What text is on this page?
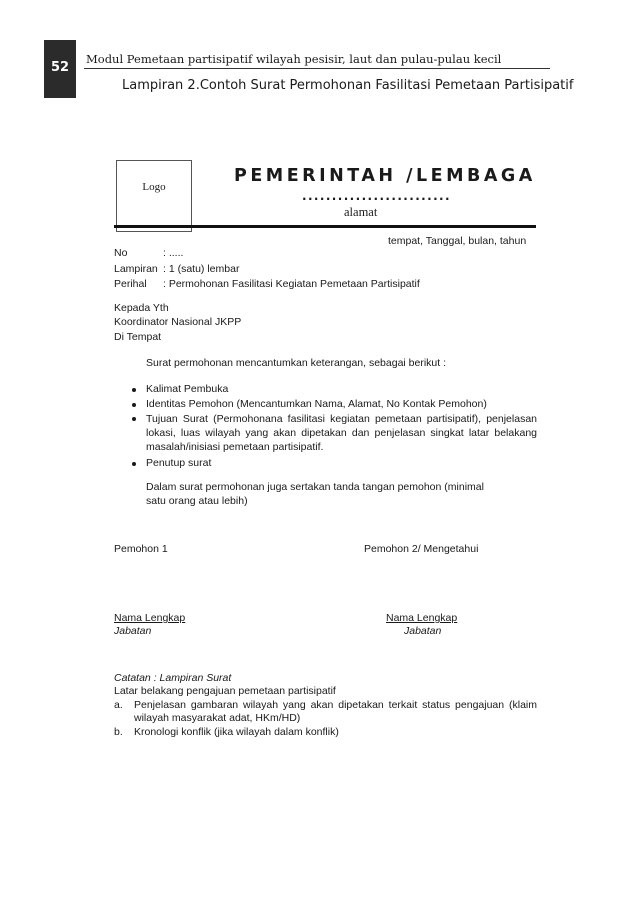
52
Modul Pemetaan partisipatif wilayah pesisir, laut dan pulau-pulau kecil
Lampiran 2.Contoh Surat Permohonan Fasilitasi Pemetaan Partisipatif
Logo
PEMERINTAH /LEMBAGA
.........................
alamat
tempat, Tanggal, bulan, tahun
No	: .....
Lampiran : 1 (satu) lembar
Perihal : Permohonan Fasilitasi Kegiatan Pemetaan Partisipatif
Kepada Yth
Koordinator Nasional JKPP
Di Tempat
Surat permohonan mencantumkan keterangan, sebagai berikut :
Kalimat Pembuka
Identitas Pemohon (Mencantumkan Nama, Alamat, No Kontak Pemohon)
Tujuan Surat (Permohonana fasilitasi kegiatan pemetaan partisipatif), penjelasan lokasi, luas wilayah yang akan dipetakan dan penjelasan singkat latar belakang masalah/inisiasi pemetaan partisipatif.
Penutup surat
Dalam surat permohonan juga sertakan tanda tangan pemohon (minimal satu orang atau lebih)
Pemohon 1	Pemohon 2/ Mengetahui
Nama Lengkap
Jabatan
Nama Lengkap
Jabatan
Catatan : Lampiran Surat
Latar belakang pengajuan pemetaan partisipatif
a. Penjelasan gambaran wilayah yang akan dipetakan terkait status pengajuan (klaim wilayah masyarakat adat, HKm/HD)
b. Kronologi konflik (jika wilayah dalam konflik)
